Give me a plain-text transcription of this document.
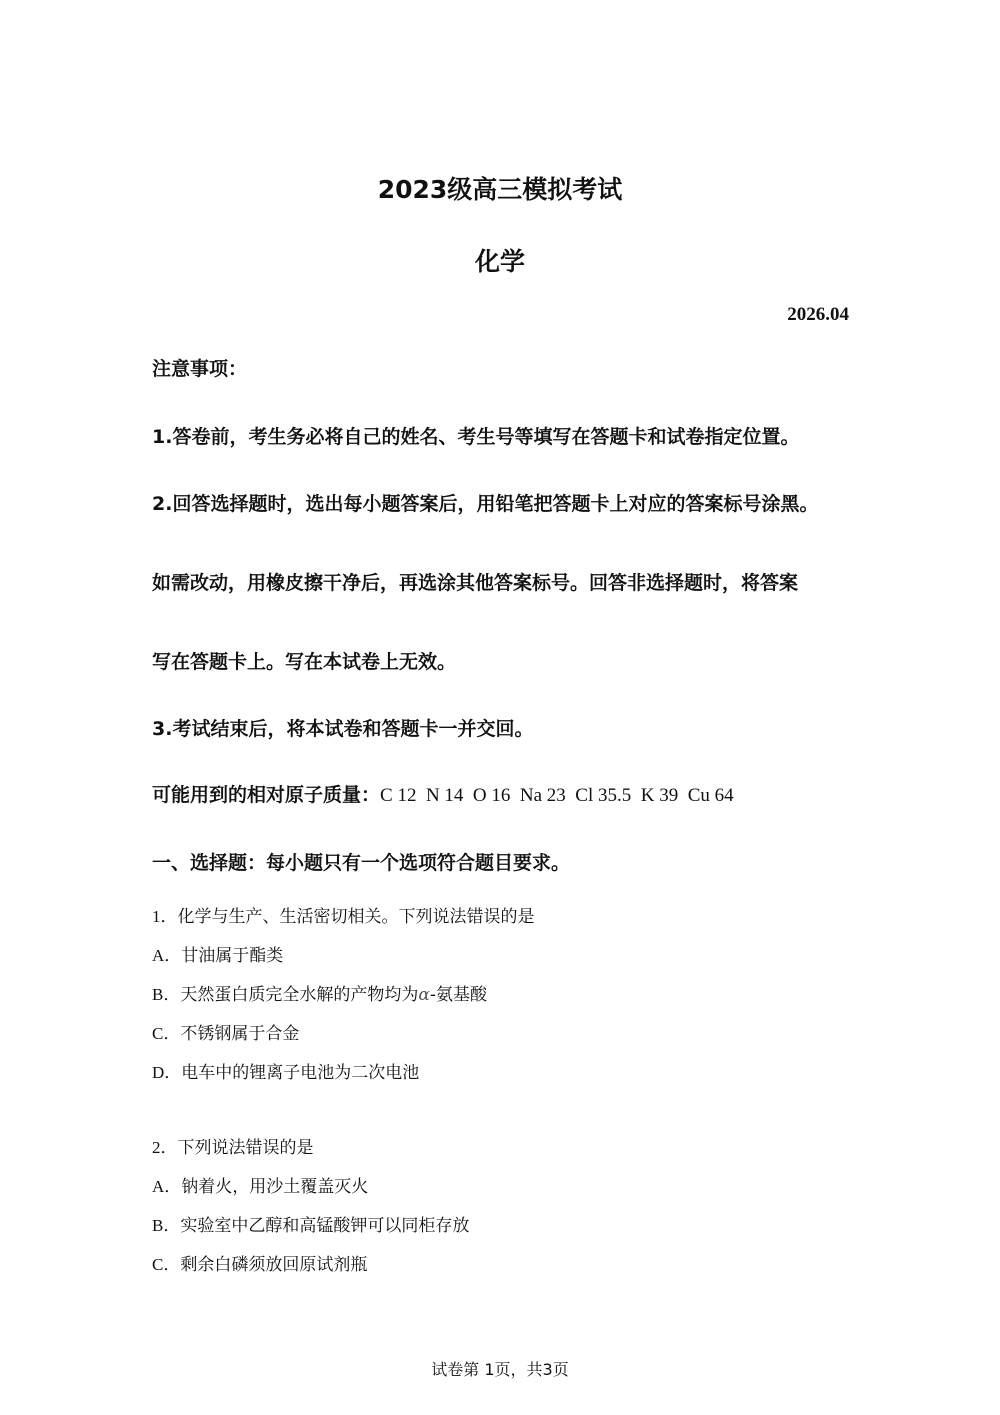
2023级高三模拟考试
化学
2026.04
注意事项：
1.答卷前，考生务必将自己的姓名、考生号等填写在答题卡和试卷指定位置。
2.回答选择题时，选出每小题答案后，用铅笔把答题卡上对应的答案标号涂黑。
如需改动，用橡皮擦干净后，再选涂其他答案标号。回答非选择题时，将答案
写在答题卡上。写在本试卷上无效。
3.考试结束后，将本试卷和答题卡一并交回。
可能用到的相对原子质量：C 12  N 14  O 16  Na 23  Cl 35.5  K 39  Cu 64
一、选择题：每小题只有一个选项符合题目要求。
1．化学与生产、生活密切相关。下列说法错误的是
A．甘油属于酯类
B．天然蛋白质完全水解的产物均为α-氨基酸
C．不锈钢属于合金
D．电车中的锂离子电池为二次电池
2．下列说法错误的是
A．钠着火，用沙土覆盖灭火
B．实验室中乙醇和高锰酸钾可以同柜存放
C．剩余白磷须放回原试剂瓶
试卷第 1页，共3页
